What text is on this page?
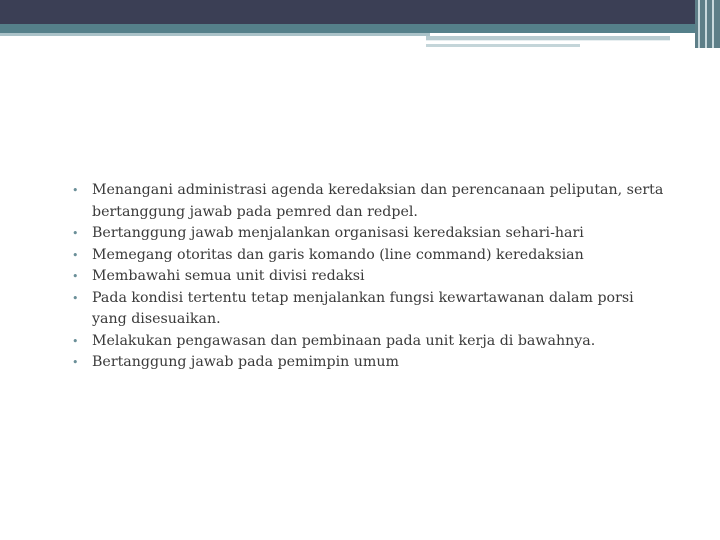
• Menangani administrasi agenda keredaksian dan perencanaan peliputan, serta bertanggung jawab pada pemred dan redpel.
• Bertanggung jawab menjalankan organisasi keredaksian sehari-hari
• Memegang otoritas dan garis komando (line command) keredaksian
• Membawahi semua unit divisi redaksi
• Pada kondisi tertentu tetap menjalankan fungsi kewartawanan dalam porsi yang disesuaikan.
• Melakukan pengawasan dan pembinaan pada unit kerja di bawahnya.
• Bertanggung jawab pada pemimpin umum
